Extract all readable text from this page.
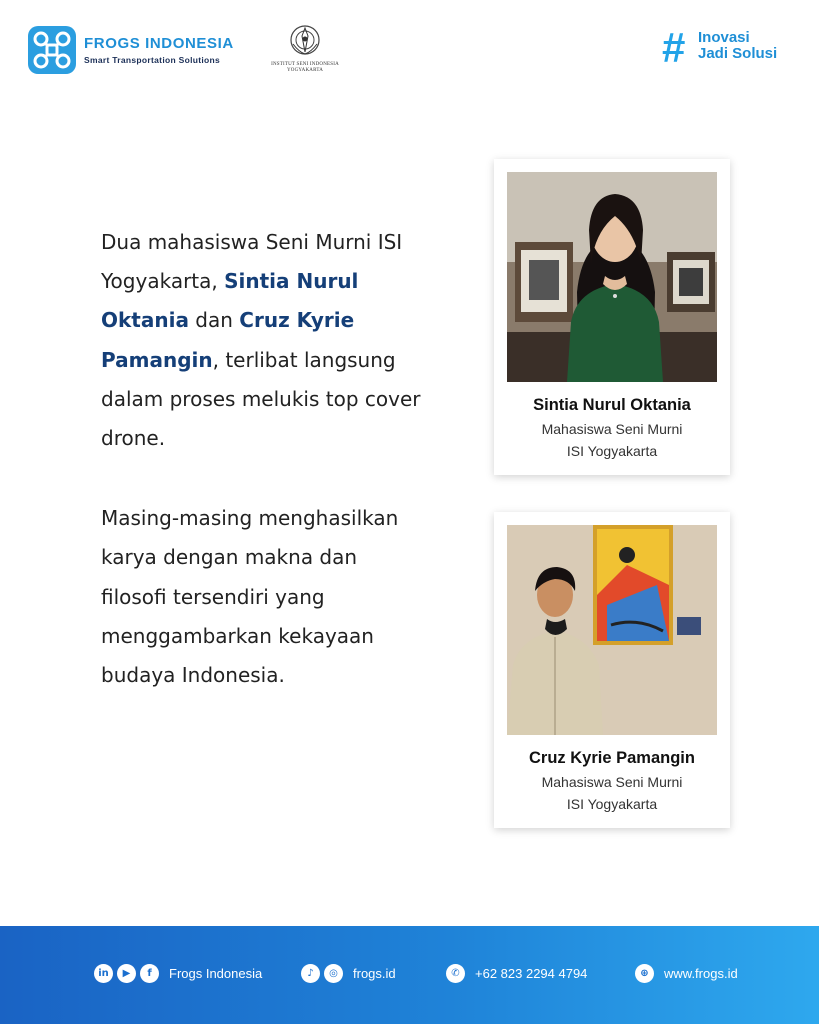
FROGS INDONESIA
Smart Transportation Solutions	INSTITUT SENI INDONESIA
YOGYAKARTA	# Inovasi
Jadi Solusi

Dua mahasiswa Seni Murni ISI Yogyakarta, Sintia Nurul Oktania dan Cruz Kyrie Pamangin, terlibat langsung dalam proses melukis top cover drone.

Masing-masing menghasilkan karya dengan makna dan filosofi tersendiri yang menggambarkan kekayaan budaya Indonesia.

Sintia Nurul Oktania
Mahasiswa Seni Murni
ISI Yogyakarta
Cruz Kyrie Pamangin
Mahasiswa Seni Murni
ISI Yogyakarta
in	▶	f	Frogs Indonesia	♪	◎	frogs.id	✆	+62 823 2294 4794	⊕	www.frogs.id
